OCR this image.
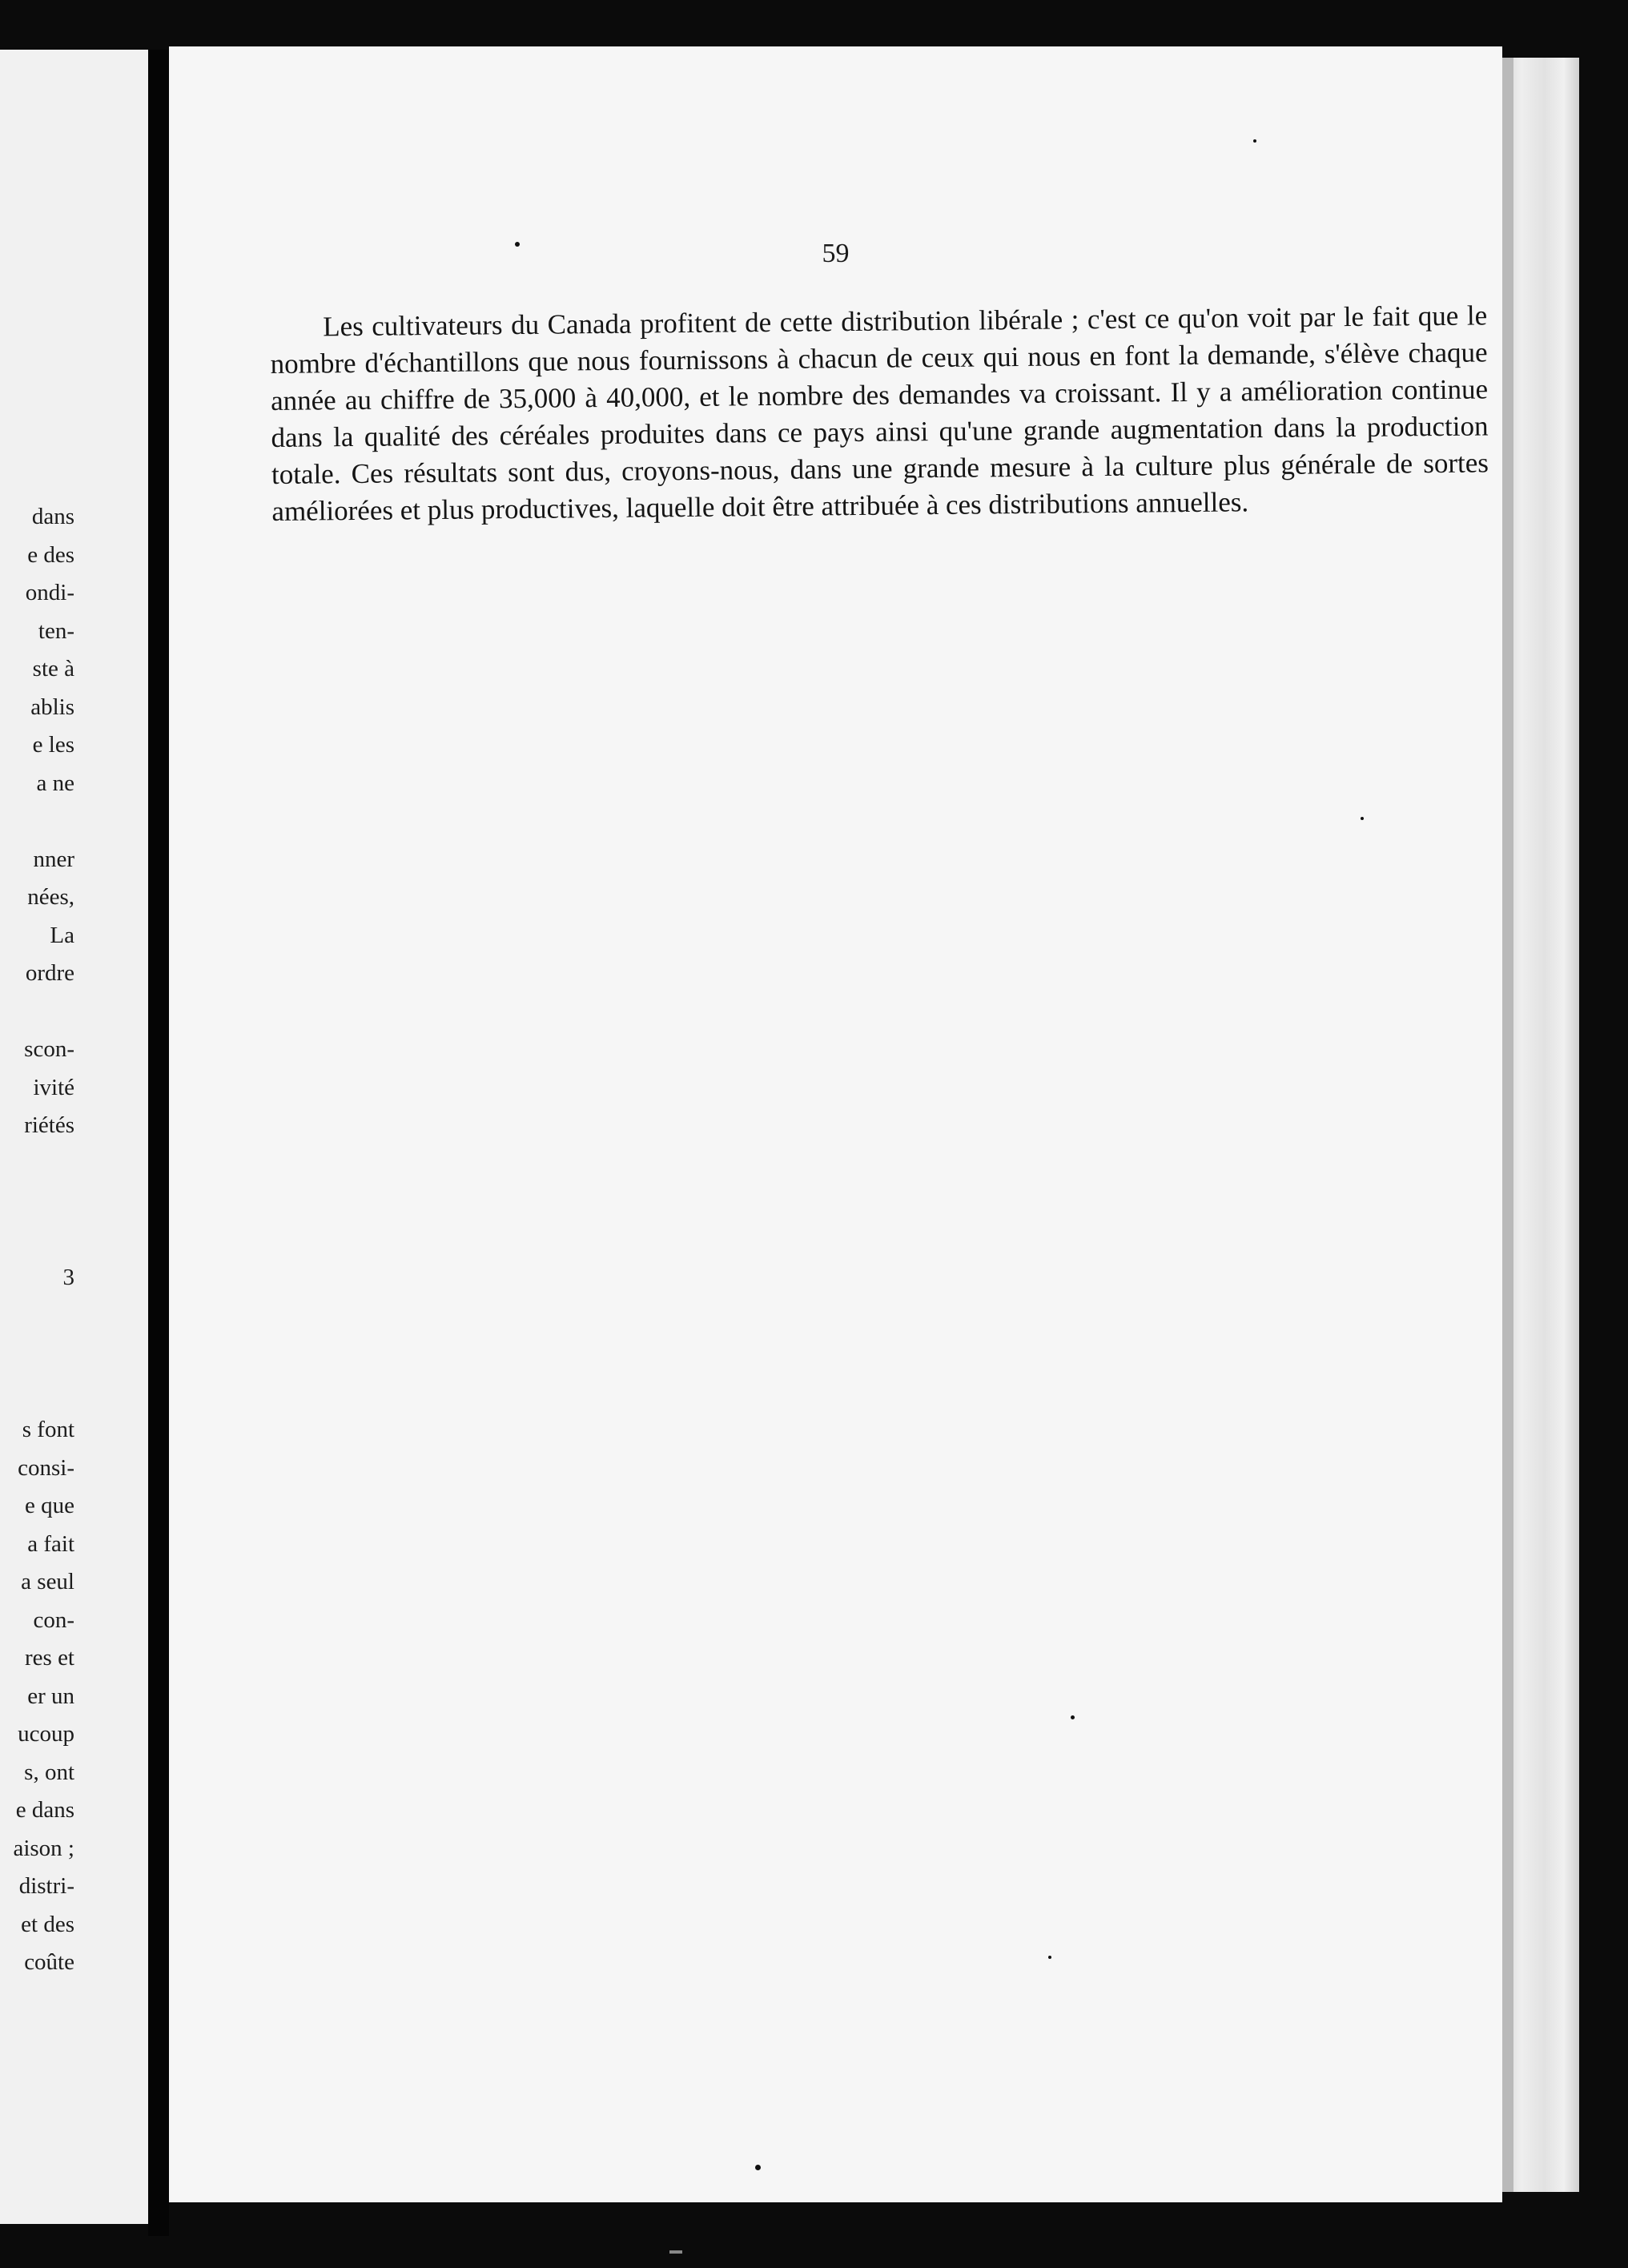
dans
e des
ondi-
ten-
ste à
ablis
e les
a ne
nner
nées,
La
ordre
scon-
ivité
riétés
3
s font
consi-
e que
a fait
a seul
con-
res et
er un
ucoup
s, ont
e dans
aison ;
distri-
et des
coûte
59

Les cultivateurs du Canada profitent de cette distribution libérale ; c'est ce qu'on voit par le fait que le nombre d'échantillons que nous fournissons à chacun de ceux qui nous en font la demande, s'élève chaque année au chiffre de 35,000 à 40,000, et le nombre des demandes va croissant. Il y a amélioration continue dans la qualité des céréales produites dans ce pays ainsi qu'une grande augmentation dans la production totale. Ces résultats sont dus, croyons-nous, dans une grande mesure à la culture plus générale de sortes améliorées et plus productives, laquelle doit être attribuée à ces distributions annuelles.
